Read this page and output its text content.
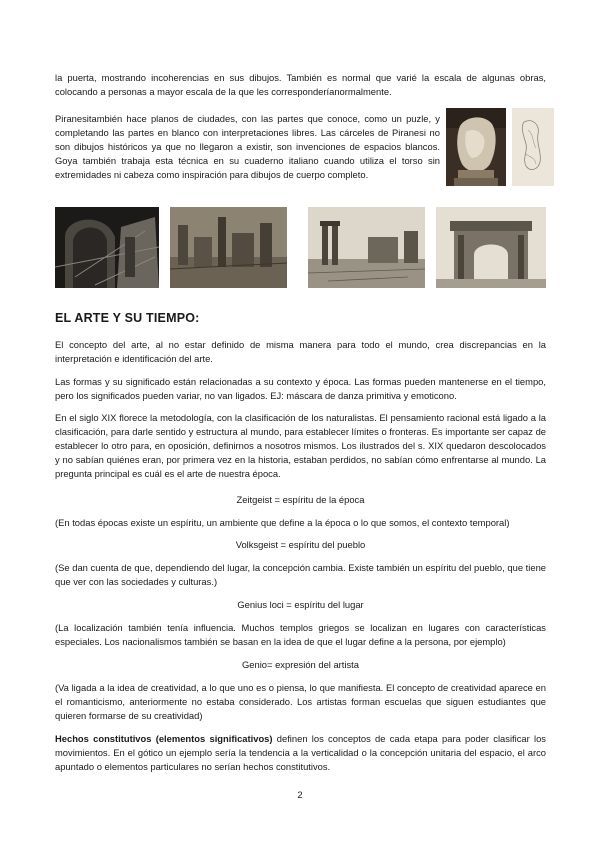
la puerta, mostrando incoherencias en sus dibujos. También es normal que varié la escala de algunas obras, colocando a personas a mayor escala de la que les corresponderíanormalmente.

Piranesitambién hace planos de ciudades, con las partes que conoce, como un puzle, y completando las partes en blanco con interpretaciones libres. Las cárceles de Piranesi no son dibujos históricos ya que no llegaron a existir, son invenciones de espacios blancos. Goya también trabaja esta técnica en su cuaderno italiano cuando utiliza el torso sin extremidades ni cabeza como inspiración para dibujos de cuerpo completo.

EL ARTE Y SU TIEMPO:

El concepto del arte, al no estar definido de misma manera para todo el mundo, crea discrepancias en la interpretación e identificación del arte.

Las formas y su significado están relacionadas a su contexto y época. Las formas pueden mantenerse en el tiempo, pero los significados pueden variar, no van ligados. EJ: máscara de danza primitiva y emoticono.

En el siglo XIX florece la metodología, con la clasificación de los naturalistas. El pensamiento racional está ligado a la clasificación, para darle sentido y estructura al mundo, para establecer límites o fronteras. Es importante ser capaz de establecer lo otro para, en oposición, definirnos a nosotros mismos. Los ilustrados del s. XIX quedaron descolocados y no sabían quiénes eran, por primera vez en la historia, estaban perdidos, no sabían cómo enfrentarse al mundo. La pregunta principal es cuál es el arte de nuestra época.

Zeitgeist = espíritu de la época

(En todas épocas existe un espíritu, un ambiente que define a la época o lo que somos, el contexto temporal)

Volksgeist = espíritu del pueblo

(Se dan cuenta de que, dependiendo del lugar, la concepción cambia. Existe también un espíritu del pueblo, que tiene que ver con las sociedades y culturas.)

Genius loci = espíritu del lugar

(La localización también tenía influencia. Muchos templos griegos se localizan en lugares con características especiales. Los nacionalismos también se basan en la idea de que el lugar define a la persona, por ejemplo)

Genio= expresión del artista

(Va ligada a la idea de creatividad, a lo que uno es o piensa, lo que manifiesta. El concepto de creatividad aparece en el romanticismo, anteriormente no estaba considerado. Los artistas forman escuelas que siguen estudiantes que quieren formarse de su creatividad)

Hechos constitutivos (elementos significativos) definen los conceptos de cada etapa para poder clasificar los movimientos. En el gótico un ejemplo sería la tendencia a la verticalidad o la concepción unitaria del espacio, el arco apuntado o elementos particulares no serían hechos constitutivos.

2
